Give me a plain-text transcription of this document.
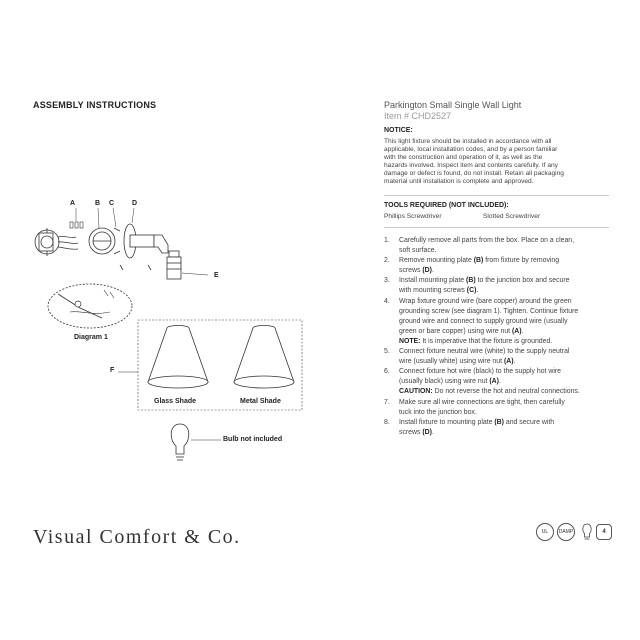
ASSEMBLY INSTRUCTIONS
A	B C	D
E
Diagram 1
F
Glass Shade	Metal Shade
Bulb not included
Parkington Small Single Wall Light
Item # CHD2527
NOTICE:
This light fixture should be installed in accordance with all
applicable, local installation codes, and by a person familiar
with the construction and operation of it, as well as the
hazards involved. Inspect item and contents carefully. If any
damage or defect is found, do not install. Retain all packaging
material until installation is complete and approved.
TOOLS REQUIRED (NOT INCLUDED):
Phillips Screwdriver	Slotted Screwdriver
1. Carefully remove all parts from the box. Place on a clean,
soft surface.
2. Remove mounting plate (B) from fixture by removing
screws (D).
3. Install mounting plate (B) to the junction box and secure
with mounting screws (C).
4. Wrap fixture ground wire (bare copper) around the green
grounding screw (see diagram 1). Tighten. Continue fixture
ground wire and connect to supply ground wire (usually
green or bare copper) using wire nut (A).
NOTE: It is imperative that the fixture is grounded.
5. Connect fixture neutral wire (white) to the supply neutral
wire (usually white) using wire nut (A).
6. Connect fixture hot wire (black) to the supply hot wire
(usually black) using wire nut (A).
CAUTION: Do not reverse the hot and neutral connections.
7. Make sure all wire connections are tight, then carefully
tuck into the junction box.
8. Install fixture to mounting plate (B) and secure with
screws (D).
Visual Comfort & Co.	UL	DAMP	4
